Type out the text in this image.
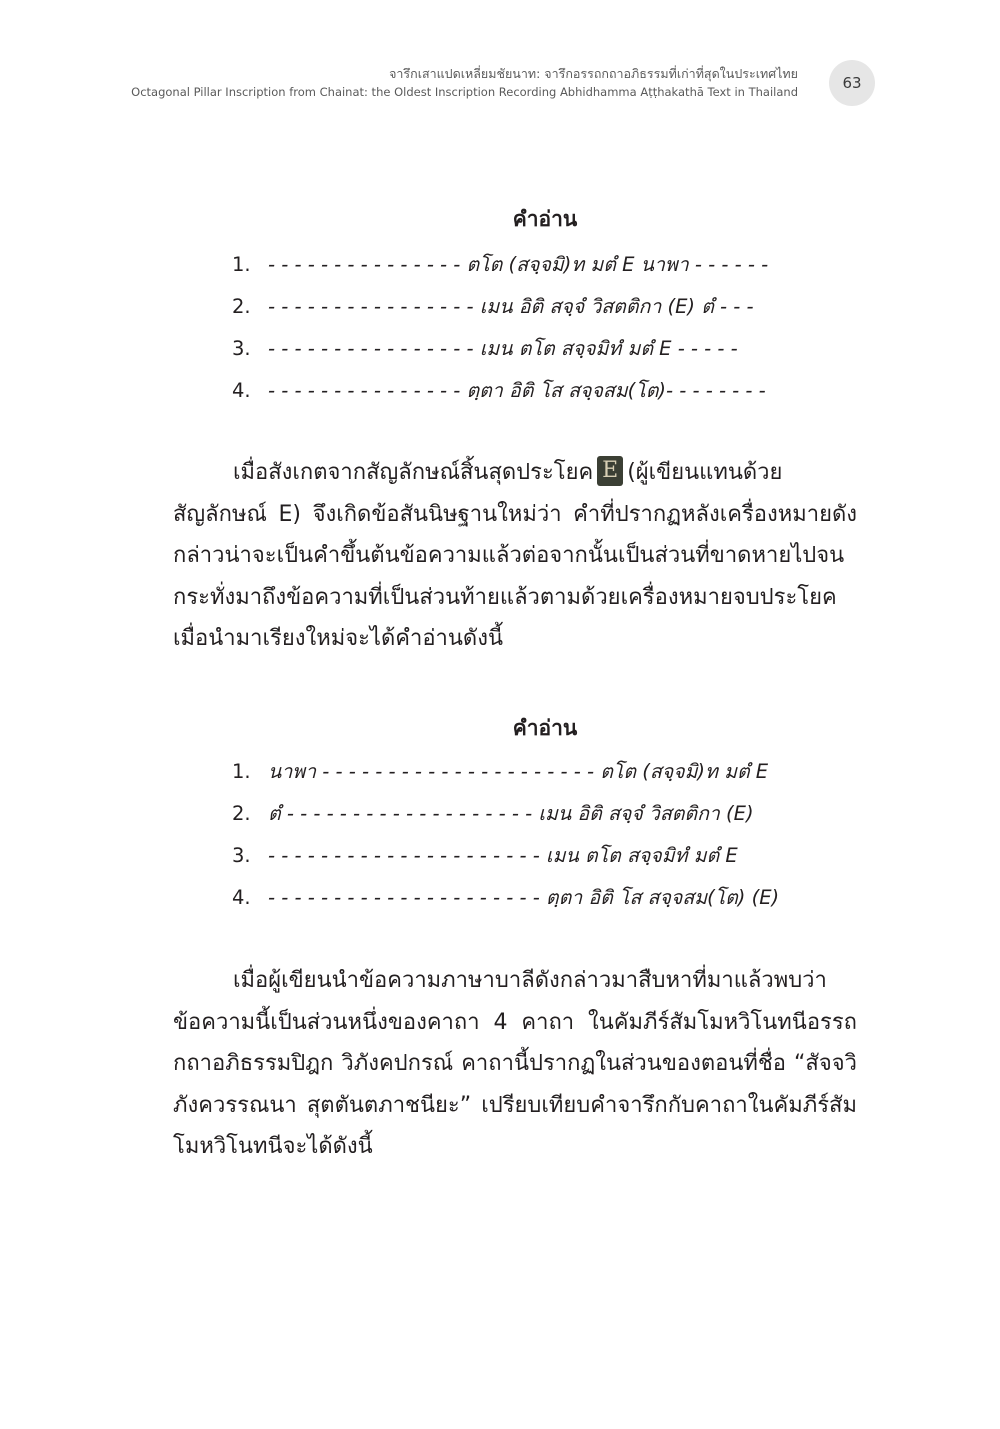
จารึกเสาแปดเหลี่ยมชัยนาท: จารึกอรรถกถาอภิธรรมที่เก่าที่สุดในประเทศไทย
Octagonal Pillar Inscription from Chainat: the Oldest Inscription Recording Abhidhamma Aṭṭhakathā Text in Thailand	63
คำอ่าน
1. - - - - - - - - - - - - - - - ตโต (สจฺจมิ)ท มตํ E นาพา - - - - - -
2. - - - - - - - - - - - - - - - - เมน อิติ สจฺจํ วิสตติกา (E) ตํ - - -
3. - - - - - - - - - - - - - - - - เมน ตโต สจฺจมิทํ มตํ E - - - - -
4. - - - - - - - - - - - - - - - ตฺตา อิติ โส สจฺจสม(โต)- - - - - - - -

เมื่อสังเกตจากสัญลักษณ์สิ้นสุดประโยค E (ผู้เขียนแทนด้วยสัญลักษณ์ E) จึงเกิดข้อสันนิษฐานใหม่ว่า คำที่ปรากฏหลังเครื่องหมายดังกล่าวน่าจะเป็นคำขึ้นต้นข้อความแล้วต่อจากนั้นเป็นส่วนที่ขาดหายไปจนกระทั่งมาถึงข้อความที่เป็นส่วนท้ายแล้วตามด้วยเครื่องหมายจบประโยค เมื่อนำมาเรียงใหม่จะได้คำอ่านดังนี้

คำอ่าน
1. นาพา - - - - - - - - - - - - - - - - - - - - - ตโต (สจฺจมิ)ท มตํ E
2. ตํ - - - - - - - - - - - - - - - - - - - เมน อิติ สจฺจํ วิสตติกา (E)
3. - - - - - - - - - - - - - - - - - - - - - เมน ตโต สจฺจมิทํ มตํ E
4. - - - - - - - - - - - - - - - - - - - - - ตฺตา อิติ โส สจฺจสม(โต) (E)

เมื่อผู้เขียนนำข้อความภาษาบาลีดังกล่าวมาสืบหาที่มาแล้วพบว่า ข้อความนี้เป็นส่วนหนึ่งของคาถา 4 คาถา ในคัมภีร์สัมโมหวิโนทนีอรรถกถาอภิธรรมปิฎก วิภังคปกรณ์ คาถานี้ปรากฏในส่วนของตอนที่ชื่อ “สัจจวิภังควรรณนา สุตตันตภาชนียะ” เปรียบเทียบคำจารึกกับคาถาในคัมภีร์สัมโมหวิโนทนีจะได้ดังนี้
